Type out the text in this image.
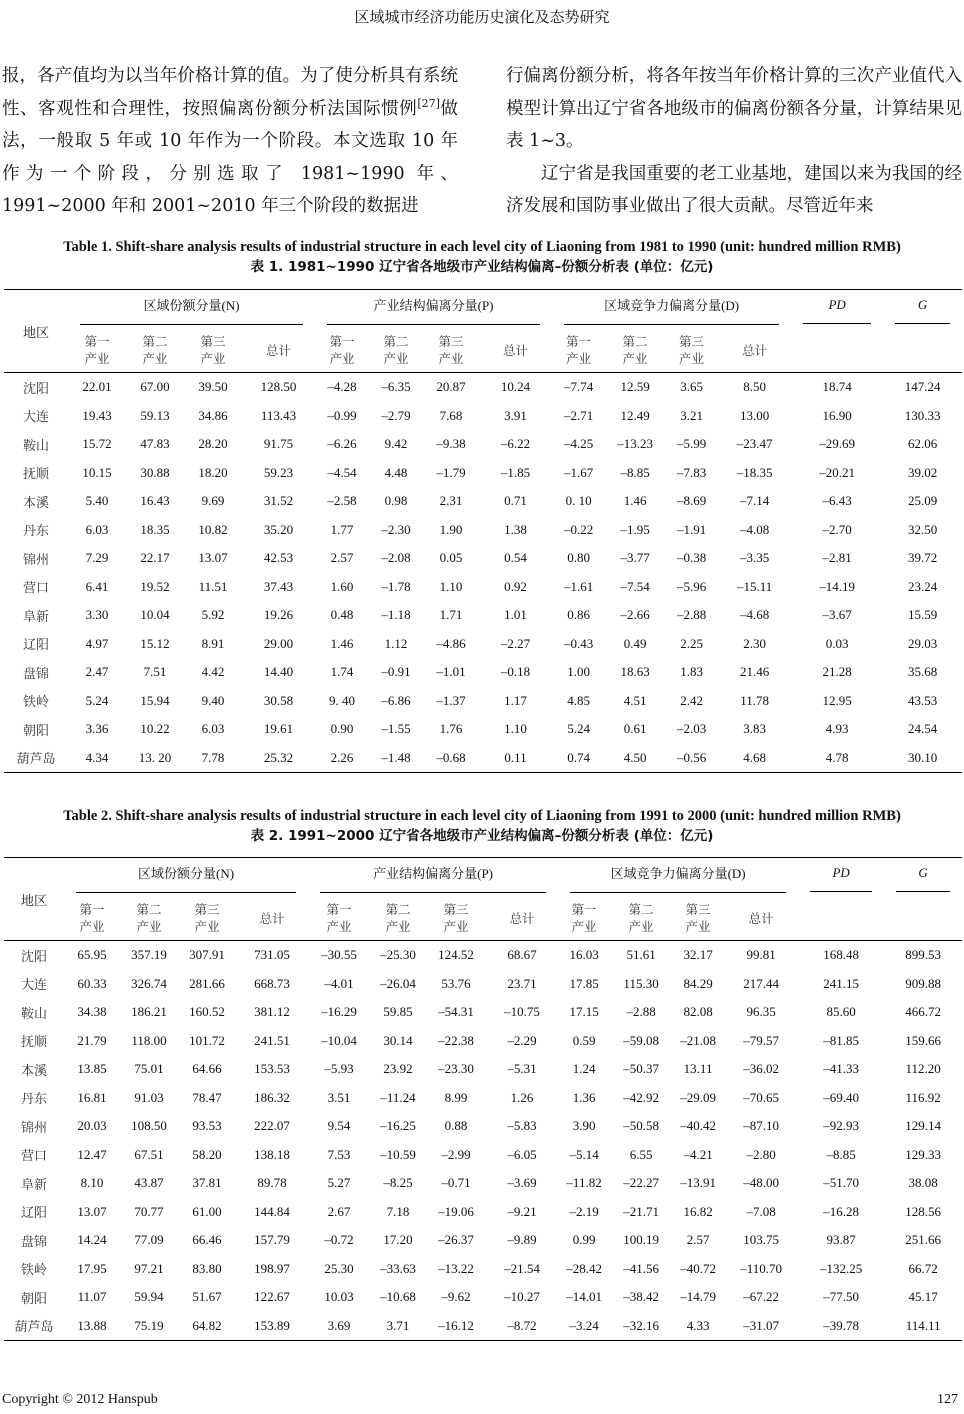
区域城市经济功能历史演化及态势研究

报，各产值均为以当年价格计算的值。为了使分析具有系统性、客观性和合理性，按照偏离份额分析法国际惯例[27]做法，一般取 5 年或 10 年作为一个阶段。本文选取 10 年作为一个阶段，分别选取了 1981~1990 年、1991~2000 年和 2001~2010 年三个阶段的数据进

行偏离份额分析，将各年按当年价格计算的三次产业值代入模型计算出辽宁省各地级市的偏离份额各分量，计算结果见表 1~3。

辽宁省是我国重要的老工业基地，建国以来为我国的经济发展和国防事业做出了很大贡献。尽管近年来

Table 1. Shift-share analysis results of industrial structure in each level city of Liaoning from 1981 to 1990 (unit: hundred million RMB)
表 1. 1981~1990 辽宁省各地级市产业结构偏离–份额分析表 (单位：亿元)
地区	区域份额分量(N)				产业结构偏离分量(P)				区域竞争力偏离分量(D)				PD	G

	第一
产业	第二
产业	第三
产业	总计	第一
产业	第二
产业	第三
产业	总计	第一
产业	第二
产业	第三
产业	总计		
沈阳	22.01	67.00	39.50	128.50	–4.28	–6.35	20.87	10.24	–7.74	12.59	3.65	8.50	18.74	147.24
大连	19.43	59.13	34.86	113.43	–0.99	–2.79	7.68	3.91	–2.71	12.49	3.21	13.00	16.90	130.33
鞍山	15.72	47.83	28.20	91.75	–6.26	9.42	–9.38	–6.22	–4.25	–13.23	–5.99	–23.47	–29.69	62.06
抚顺	10.15	30.88	18.20	59.23	–4.54	4.48	–1.79	–1.85	–1.67	–8.85	–7.83	–18.35	–20.21	39.02
本溪	5.40	16.43	9.69	31.52	–2.58	0.98	2.31	0.71	0. 10	1.46	–8.69	–7.14	–6.43	25.09
丹东	6.03	18.35	10.82	35.20	1.77	–2.30	1.90	1.38	–0.22	–1.95	–1.91	–4.08	–2.70	32.50
锦州	7.29	22.17	13.07	42.53	2.57	–2.08	0.05	0.54	0.80	–3.77	–0.38	–3.35	–2.81	39.72
营口	6.41	19.52	11.51	37.43	1.60	–1.78	1.10	0.92	–1.61	–7.54	–5.96	–15.11	–14.19	23.24
阜新	3.30	10.04	5.92	19.26	0.48	–1.18	1.71	1.01	0.86	–2.66	–2.88	–4.68	–3.67	15.59
辽阳	4.97	15.12	8.91	29.00	1.46	1.12	–4.86	–2.27	–0.43	0.49	2.25	2.30	0.03	29.03
盘锦	2.47	7.51	4.42	14.40	1.74	–0.91	–1.01	–0.18	1.00	18.63	1.83	21.46	21.28	35.68
铁岭	5.24	15.94	9.40	30.58	9. 40	–6.86	–1.37	1.17	4.85	4.51	2.42	11.78	12.95	43.53
朝阳	3.36	10.22	6.03	19.61	0.90	–1.55	1.76	1.10	5.24	0.61	–2.03	3.83	4.93	24.54
葫芦岛	4.34	13. 20	7.78	25.32	2.26	–1.48	–0.68	0.11	0.74	4.50	–0.56	4.68	4.78	30.10
Table 2. Shift-share analysis results of industrial structure in each level city of Liaoning from 1991 to 2000 (unit: hundred million RMB)
表 2. 1991~2000 辽宁省各地级市产业结构偏离–份额分析表 (单位：亿元)
地区	区域份额分量(N)				产业结构偏离分量(P)				区域竞争力偏离分量(D)				PD	G

	第一
产业	第二
产业	第三
产业	总计	第一
产业	第二
产业	第三
产业	总计	第一
产业	第二
产业	第三
产业	总计		
沈阳	65.95	357.19	307.91	731.05	–30.55	–25.30	124.52	68.67	16.03	51.61	32.17	99.81	168.48	899.53
大连	60.33	326.74	281.66	668.73	–4.01	–26.04	53.76	23.71	17.85	115.30	84.29	217.44	241.15	909.88
鞍山	34.38	186.21	160.52	381.12	–16.29	59.85	–54.31	–10.75	17.15	–2.88	82.08	96.35	85.60	466.72
抚顺	21.79	118.00	101.72	241.51	–10.04	30.14	–22.38	–2.29	0.59	–59.08	–21.08	–79.57	–81.85	159.66
本溪	13.85	75.01	64.66	153.53	–5.93	23.92	–23.30	–5.31	1.24	–50.37	13.11	–36.02	–41.33	112.20
丹东	16.81	91.03	78.47	186.32	3.51	–11.24	8.99	1.26	1.36	–42.92	–29.09	–70.65	–69.40	116.92
锦州	20.03	108.50	93.53	222.07	9.54	–16.25	0.88	–5.83	3.90	–50.58	–40.42	–87.10	–92.93	129.14
营口	12.47	67.51	58.20	138.18	7.53	–10.59	–2.99	–6.05	–5.14	6.55	–4.21	–2.80	–8.85	129.33
阜新	8.10	43.87	37.81	89.78	5.27	–8.25	–0.71	–3.69	–11.82	–22.27	–13.91	–48.00	–51.70	38.08
辽阳	13.07	70.77	61.00	144.84	2.67	7.18	–19.06	–9.21	–2.19	–21.71	16.82	–7.08	–16.28	128.56
盘锦	14.24	77.09	66.46	157.79	–0.72	17.20	–26.37	–9.89	0.99	100.19	2.57	103.75	93.87	251.66
铁岭	17.95	97.21	83.80	198.97	25.30	–33.63	–13.22	–21.54	–28.42	–41.56	–40.72	–110.70	–132.25	66.72
朝阳	11.07	59.94	51.67	122.67	10.03	–10.68	–9.62	–10.27	–14.01	–38.42	–14.79	–67.22	–77.50	45.17
葫芦岛	13.88	75.19	64.82	153.89	3.69	3.71	–16.12	–8.72	–3.24	–32.16	4.33	–31.07	–39.78	114.11
Copyright © 2012 Hanspub	127
